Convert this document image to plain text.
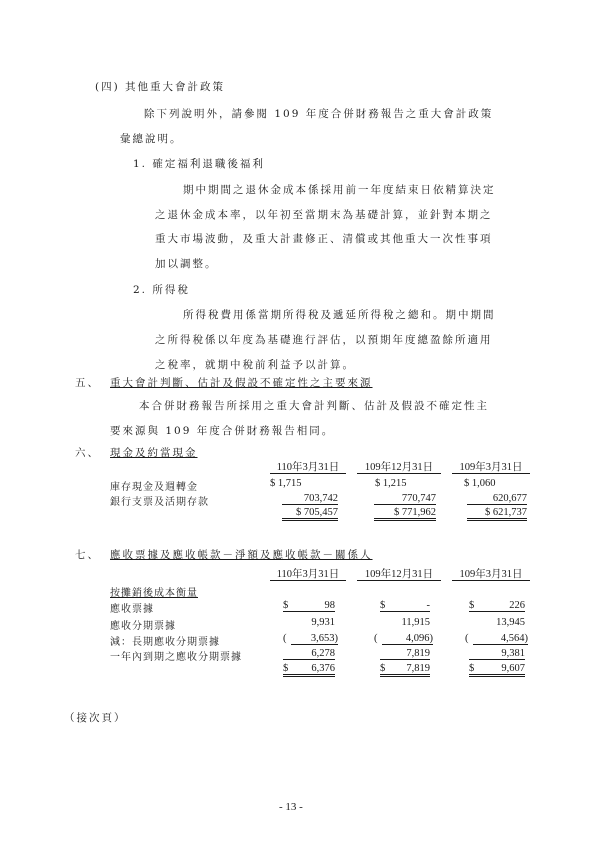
(四) 其他重大會計政策
除下列說明外，請參閱 109 年度合併財務報告之重大會計政策
彙總說明。
1. 確定福利退職後福利
期中期間之退休金成本係採用前一年度結束日依精算決定
之退休金成本率，以年初至當期末為基礎計算，並針對本期之
重大市場波動，及重大計畫修正、清償或其他重大一次性事項
加以調整。
2. 所得稅
所得稅費用係當期所得稅及遞延所得稅之總和。期中期間
之所得稅係以年度為基礎進行評估，以預期年度總盈餘所適用
之稅率，就期中稅前利益予以計算。
五、 重大會計判斷、估計及假設不確定性之主要來源
本合併財務報告所採用之重大會計判斷、估計及假設不確定性主
要來源與 109 年度合併財務報告相同。
六、 現金及約當現金
110年3月31日	109年12月31日	109年3月31日
庫存現金及週轉金	$ 1,715	$ 1,215	$ 1,060
銀行支票及活期存款	703,742	770,747	620,677
$ 705,457	$ 771,962	$ 621,737
七、 應收票據及應收帳款－淨額及應收帳款－關係人
110年3月31日	109年12月31日	109年3月31日
按攤銷後成本衡量
應收票據	$	98	$	-	$	226
應收分期票據	9,931	11,915	13,945
減：長期應收分期票據	(	3,653)	(	4,096)	(	4,564)
一年內到期之應收分期票據	6,278	7,819	9,381
$	6,376	$	7,819	$	9,607
（接次頁）
- 13 -
